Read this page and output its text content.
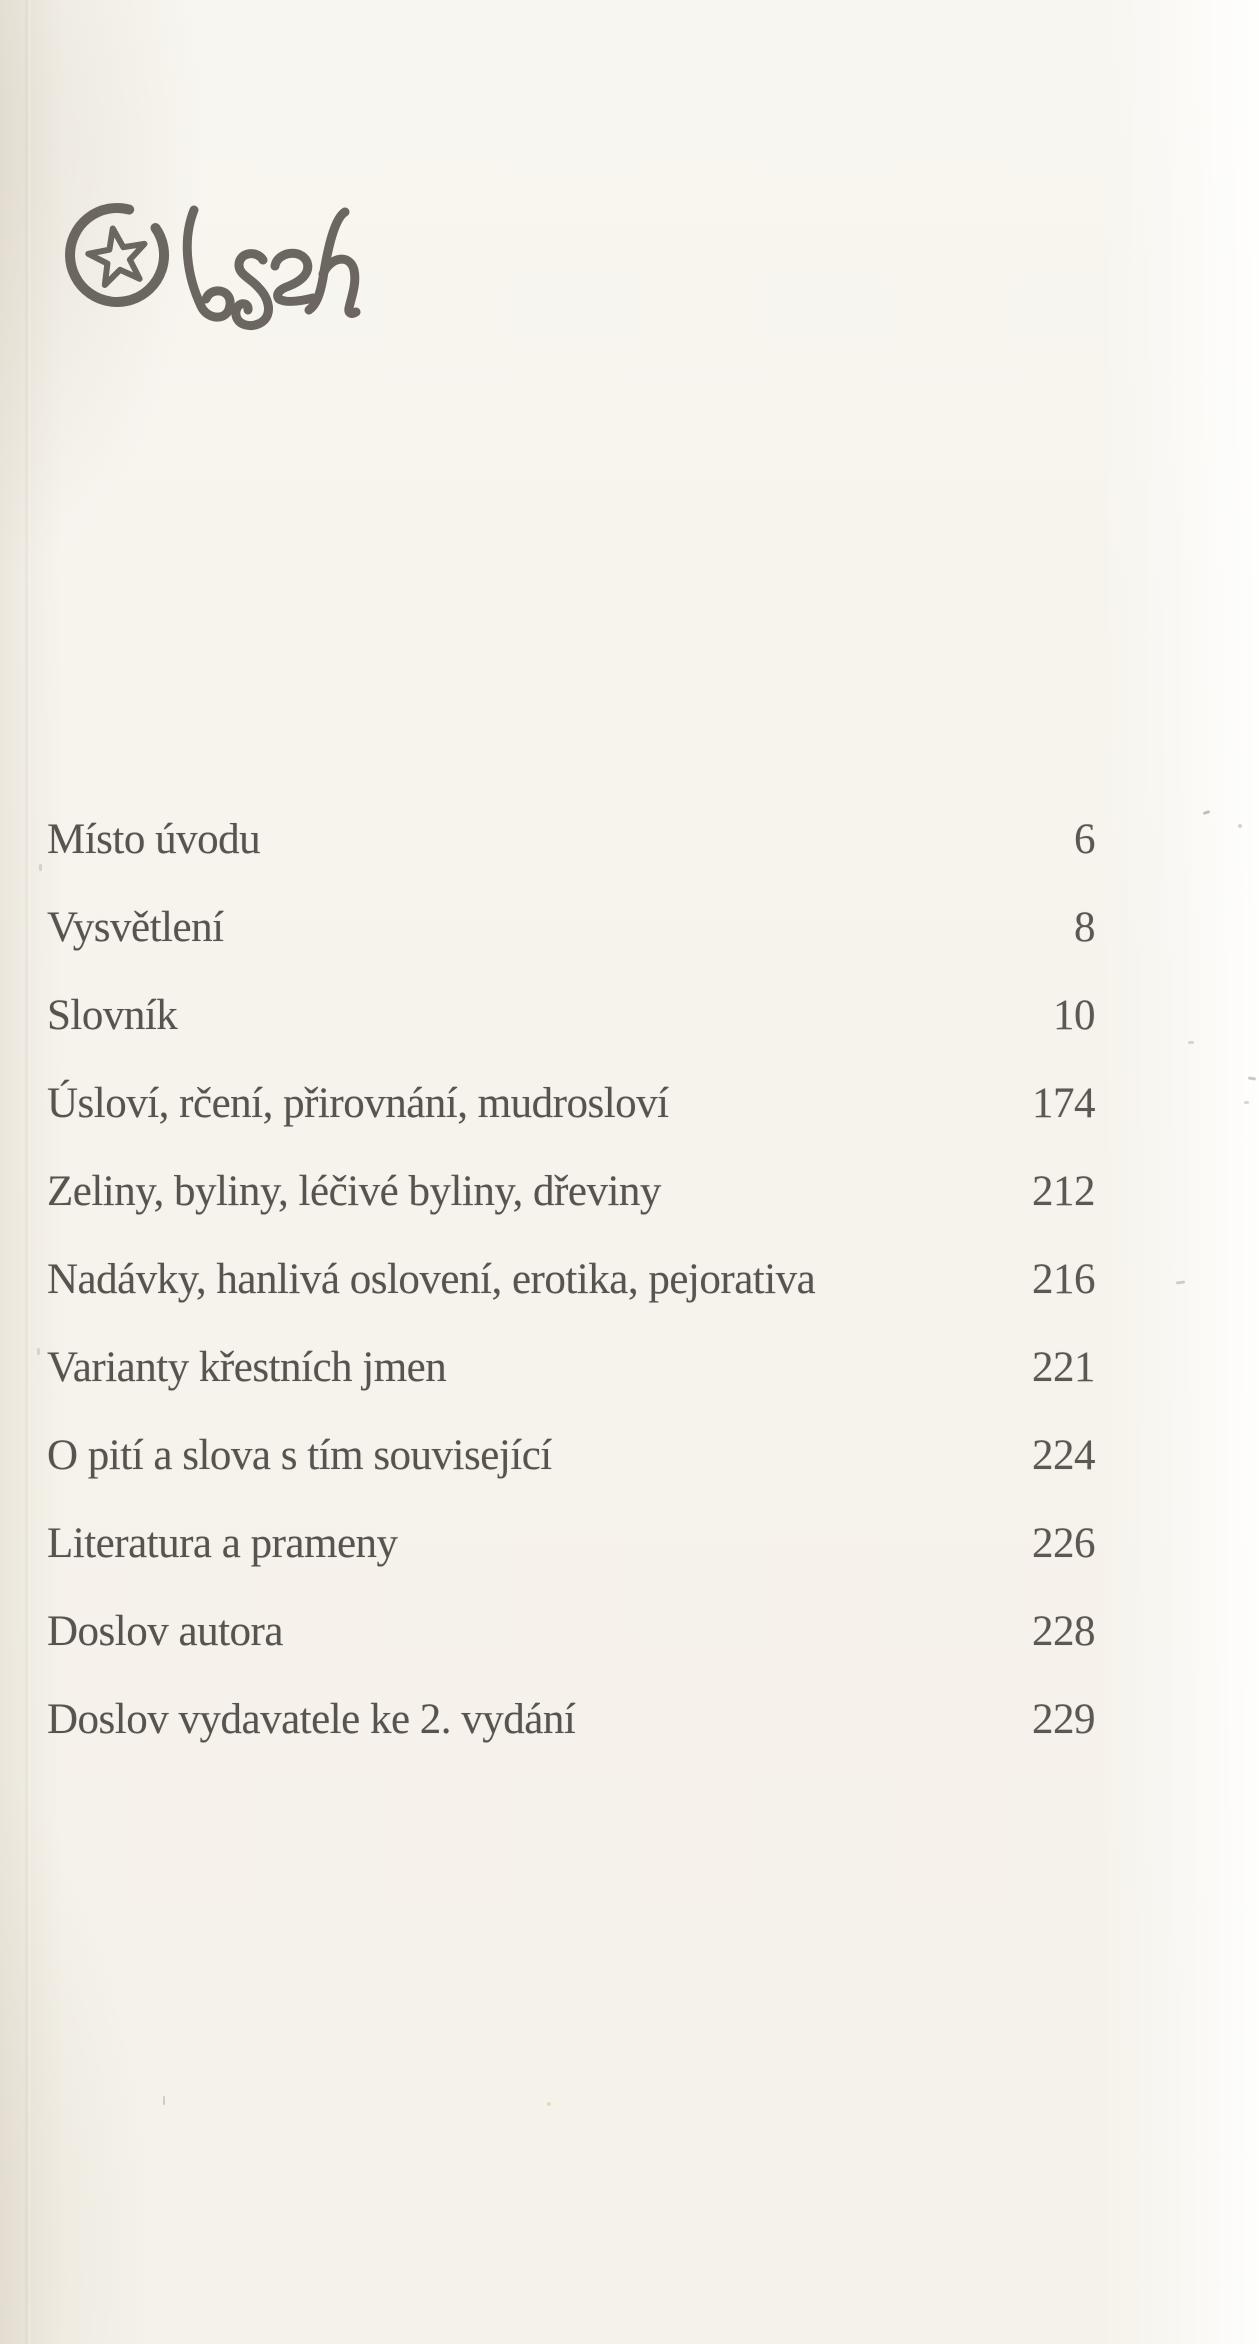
Místo úvodu	6
Vysvětlení	8
Slovník	10
Úsloví, rčení, přirovnání, mudrosloví	174
Zeliny, byliny, léčivé byliny, dřeviny	212
Nadávky, hanlivá oslovení, erotika, pejorativa	216
Varianty křestních jmen	221
O pití a slova s tím související	224
Literatura a prameny	226
Doslov autora	228
Doslov vydavatele ke 2. vydání	229
